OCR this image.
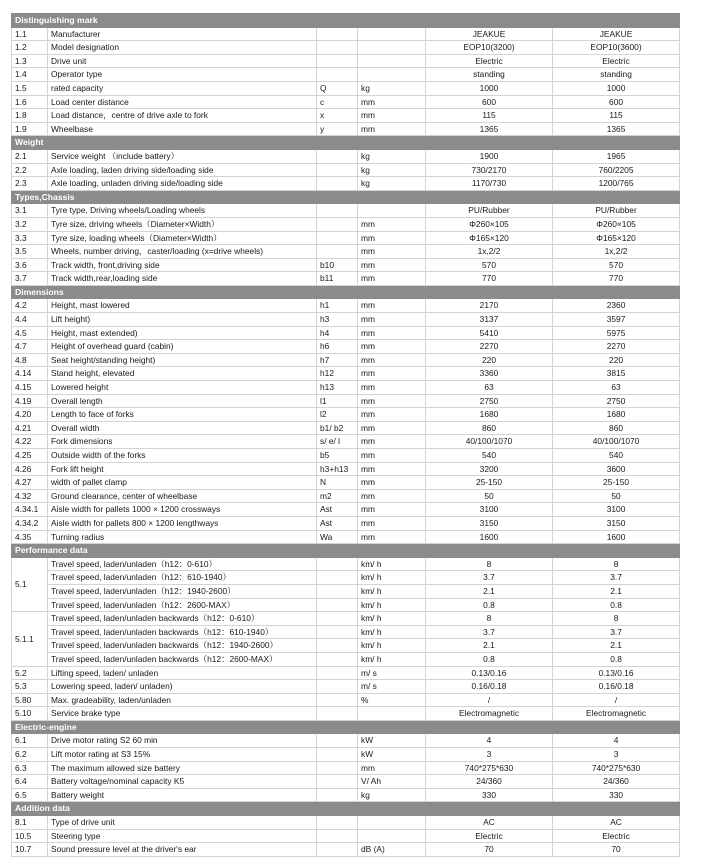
Distinguishing mark					
1.1	Manufacturer			JEAKUE	JEAKUE
1.2	Model designation			EOP10(3200)	EOP10(3600)
1.3	Drive unit			Electric	Electric
1.4	Operator type			standing	standing
1.5	rated capacity	Q	kg	1000	1000
1.6	Load center distance	c	mm	600	600
1.8	Load distance，centre of drive axle to fork	x	mm	115	115
1.9	Wheelbase	y	mm	1365	1365
Weight					
2.1	Service weight （include battery）		kg	1900	1965
2.2	Axle loading, laden driving side/loading side		kg	730/2170	760/2205
2.3	Axle loading, unladen driving side/loading side		kg	1170/730	1200/765
Types,Chassis					
3.1	Tyre type, Driving wheels/Loading wheels			PU/Rubber	PU/Rubber
3.2	Tyre size, driving wheels（Diameter×Width）		mm	Φ260×105	Φ260×105
3.3	Tyre size, loading wheels（Diameter×Width）		mm	Φ165×120	Φ165×120
3.5	Wheels, number driving，caster/loading (x=drive wheels)		mm	1x,2/2	1x,2/2
3.6	Track width, front,driving side	b10	mm	570	570
3.7	Track width,rear,loading side	b11	mm	770	770
Dimensions					
4.2	Height, mast lowered	h1	mm	2170	2360
4.4	Lift height)	h3	mm	3137	3597
4.5	Height, mast extended)	h4	mm	5410	5975
4.7	Height of overhead guard (cabin)	h6	mm	2270	2270
4.8	Seat height/standing height)	h7	mm	220	220
4.14	Stand height, elevated	h12	mm	3360	3815
4.15	Lowered height	h13	mm	63	63
4.19	Overall length	l1	mm	2750	2750
4.20	Length to face of forks	l2	mm	1680	1680
4.21	Overall width	b1/ b2	mm	860	860
4.22	Fork dimensions	s/ e/ l	mm	40/100/1070	40/100/1070
4.25	Outside width of the forks	b5	mm	540	540
4.26	Fork lift height	h3+h13	mm	3200	3600
4.27	width of pallet clamp	N	mm	25-150	25-150
4.32	Ground clearance, center of wheelbase	m2	mm	50	50
4.34.1	Aisle width for pallets 1000 × 1200 crossways	Ast	mm	3100	3100
4.34.2	Aisle width for pallets 800 × 1200 lengthways	Ast	mm	3150	3150
4.35	Turning radius	Wa	mm	1600	1600
Performance data					
5.1	Travel speed, laden/unladen（h12：0-610）		km/ h	8	8
	Travel speed, laden/unladen（h12：610-1940）		km/ h	3.7	3.7
	Travel speed, laden/unladen（h12：1940-2600）		km/ h	2.1	2.1
	Travel speed, laden/unladen（h12：2600-MAX）		km/ h	0.8	0.8
5.1.1	Travel speed, laden/unladen backwards（h12：0-610）		km/ h	8	8
	Travel speed, laden/unladen backwards（h12：610-1940）		km/ h	3.7	3.7
	Travel speed, laden/unladen backwards（h12：1940-2600）		km/ h	2.1	2.1
	Travel speed, laden/unladen backwards（h12：2600-MAX）		km/ h	0.8	0.8
5.2	Lifting speed, laden/ unladen		m/ s	0.13/0.16	0.13/0.16
5.3	Lowering speed, laden/ unladen)		m/ s	0.16/0.18	0.16/0.18
5.80	Max. gradeability, laden/unladen		%	/	/
5.10	Service brake type			Electromagnetic	Electromagnetic
Electric-engine					
6.1	Drive motor rating S2 60 min		kW	4	4
6.2	Lift motor rating at S3 15%		kW	3	3
6.3	The maximum allowed size battery		mm	740*275*630	740*275*630
6.4	Battery voltage/nominal capacity K5		V/ Ah	24/360	24/360
6.5	Battery weight		kg	330	330
Addition data					
8.1	Type of drive unit			AC	AC
10.5	Steering type			Electric	Electric
10.7	Sound pressure level at the driver's ear		dB (A)	70	70
